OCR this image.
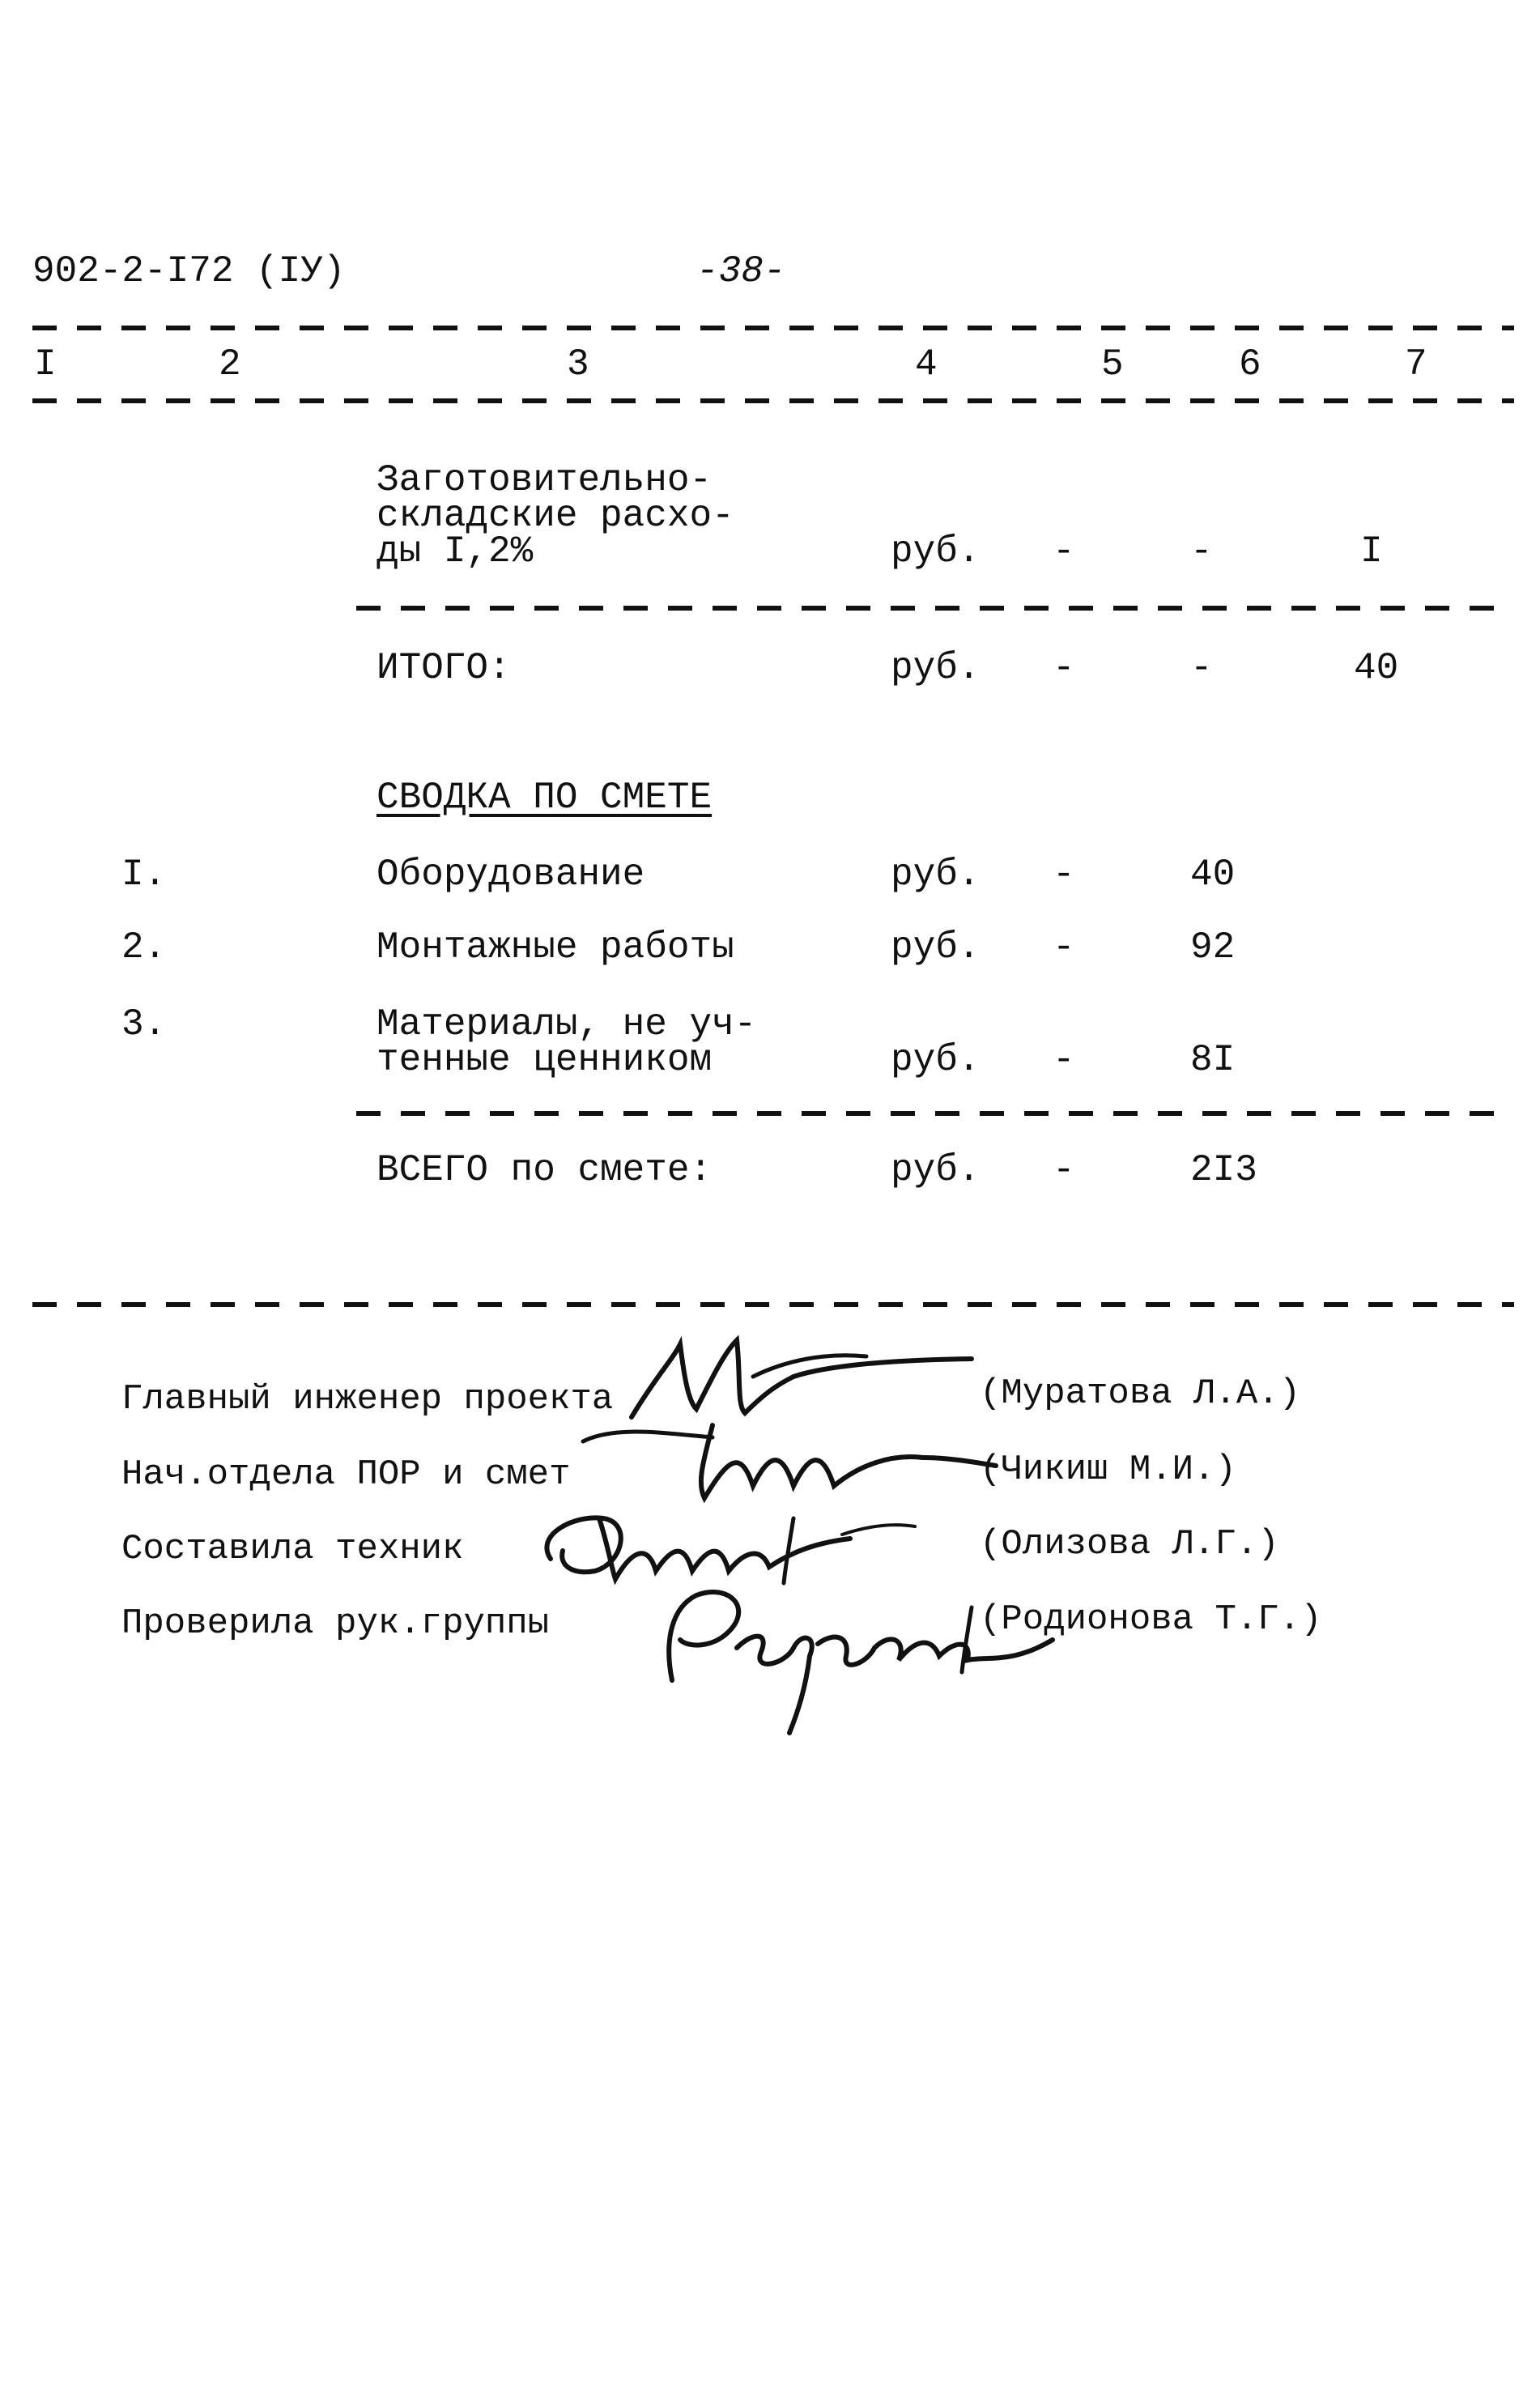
902-2-I72 (IУ)	-38-
I	2	3	4	5	6	7
Заготовительно-
складские расхо-
ды I,2%	руб. -	-	I
ИТОГО:	руб. -	-	40
СВОДКА ПО СМЕТЕ
I.	Оборудование	руб. -	40
2.	Монтажные работы	руб. -	92
3.	Материалы, не уч-
тенные ценником	руб. -	8I
ВСЕГО по смете:	руб. -	2I3
Главный инженер проекта	(Муратова Л.А.)
Нач.отдела ПОР и смет	(Чикиш М.И.)
Составила техник	(Олизова Л.Г.)
Проверила рук.группы	(Родионова Т.Г.)
